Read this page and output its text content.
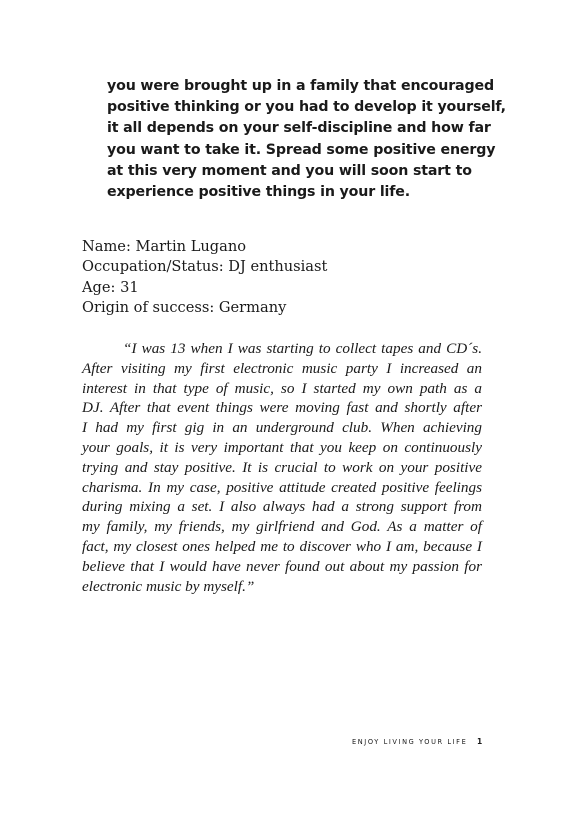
you were brought up in a family that encouraged
positive thinking or you had to develop it yourself,
it all depends on your self-discipline and how far
you want to take it. Spread some positive energy
at this very moment and you will soon start to
experience positive things in your life.
Name: Martin Lugano
Occupation/Status: DJ enthusiast
Age: 31
Origin of success: Germany
“I was 13 when I was starting to collect tapes and CD´s.
After visiting my first electronic music party I increased an
interest in that type of music, so I started my own path as a
DJ. After that event things were moving fast and shortly after
I had my first gig in an underground club. When achieving
your goals, it is very important that you keep on continuously
trying and stay positive. It is crucial to work on your positive
charisma. In my case, positive attitude created positive feelings
during mixing a set. I also always had a strong support from
my family, my friends, my girlfriend and God. As a matter of
fact, my closest ones helped me to discover who I am, because I
believe that I would have never found out about my passion for
electronic music by myself.”
ENJOY LIVING YOUR LIFE 1
